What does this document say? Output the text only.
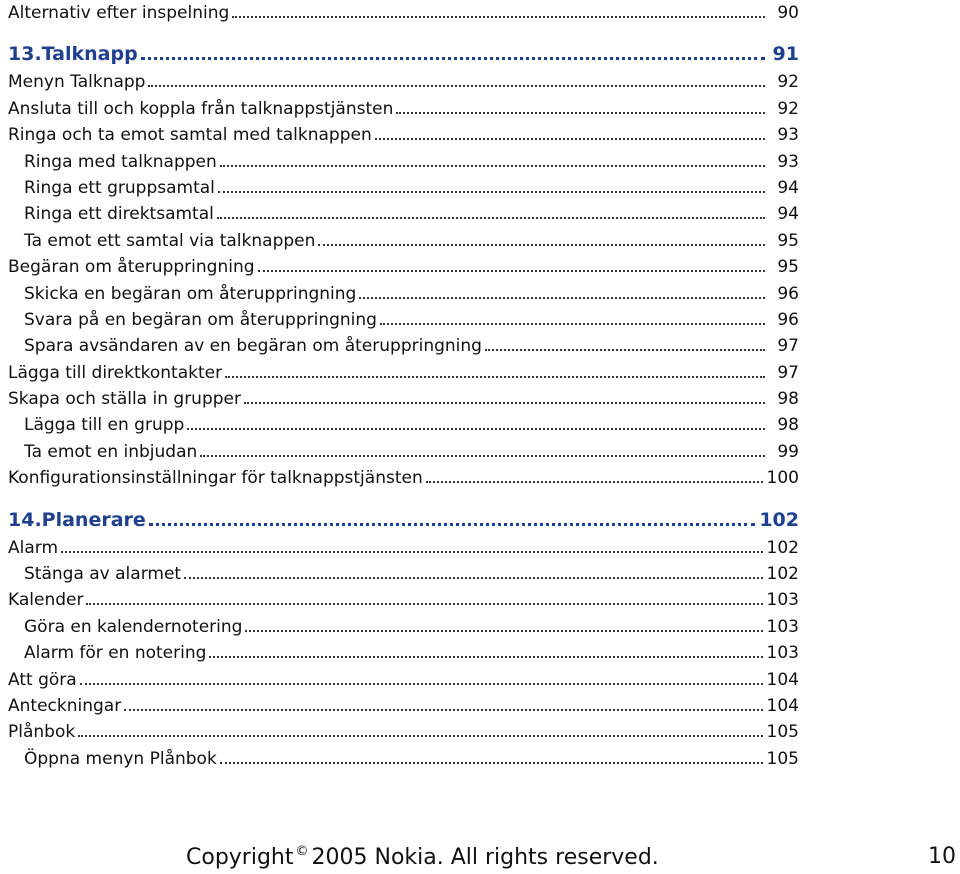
Alternativ efter inspelning	90
13.Talknapp	91
Menyn Talknapp	92
Ansluta till och koppla från talknappstjänsten	92
Ringa och ta emot samtal med talknappen	93
Ringa med talknappen	93
Ringa ett gruppsamtal	94
Ringa ett direktsamtal	94
Ta emot ett samtal via talknappen	95
Begäran om återuppringning	95
Skicka en begäran om återuppringning	96
Svara på en begäran om återuppringning	96
Spara avsändaren av en begäran om återuppringning	97
Lägga till direktkontakter	97
Skapa och ställa in grupper	98
Lägga till en grupp	98
Ta emot en inbjudan	99
Konfigurationsinställningar för talknappstjänsten	100
14.Planerare	102
Alarm	102
Stänga av alarmet	102
Kalender	103
Göra en kalendernotering	103
Alarm för en notering	103
Att göra	104
Anteckningar	104
Plånbok	105
Öppna menyn Plånbok	105
Copyright © 2005 Nokia. All rights reserved.	10
